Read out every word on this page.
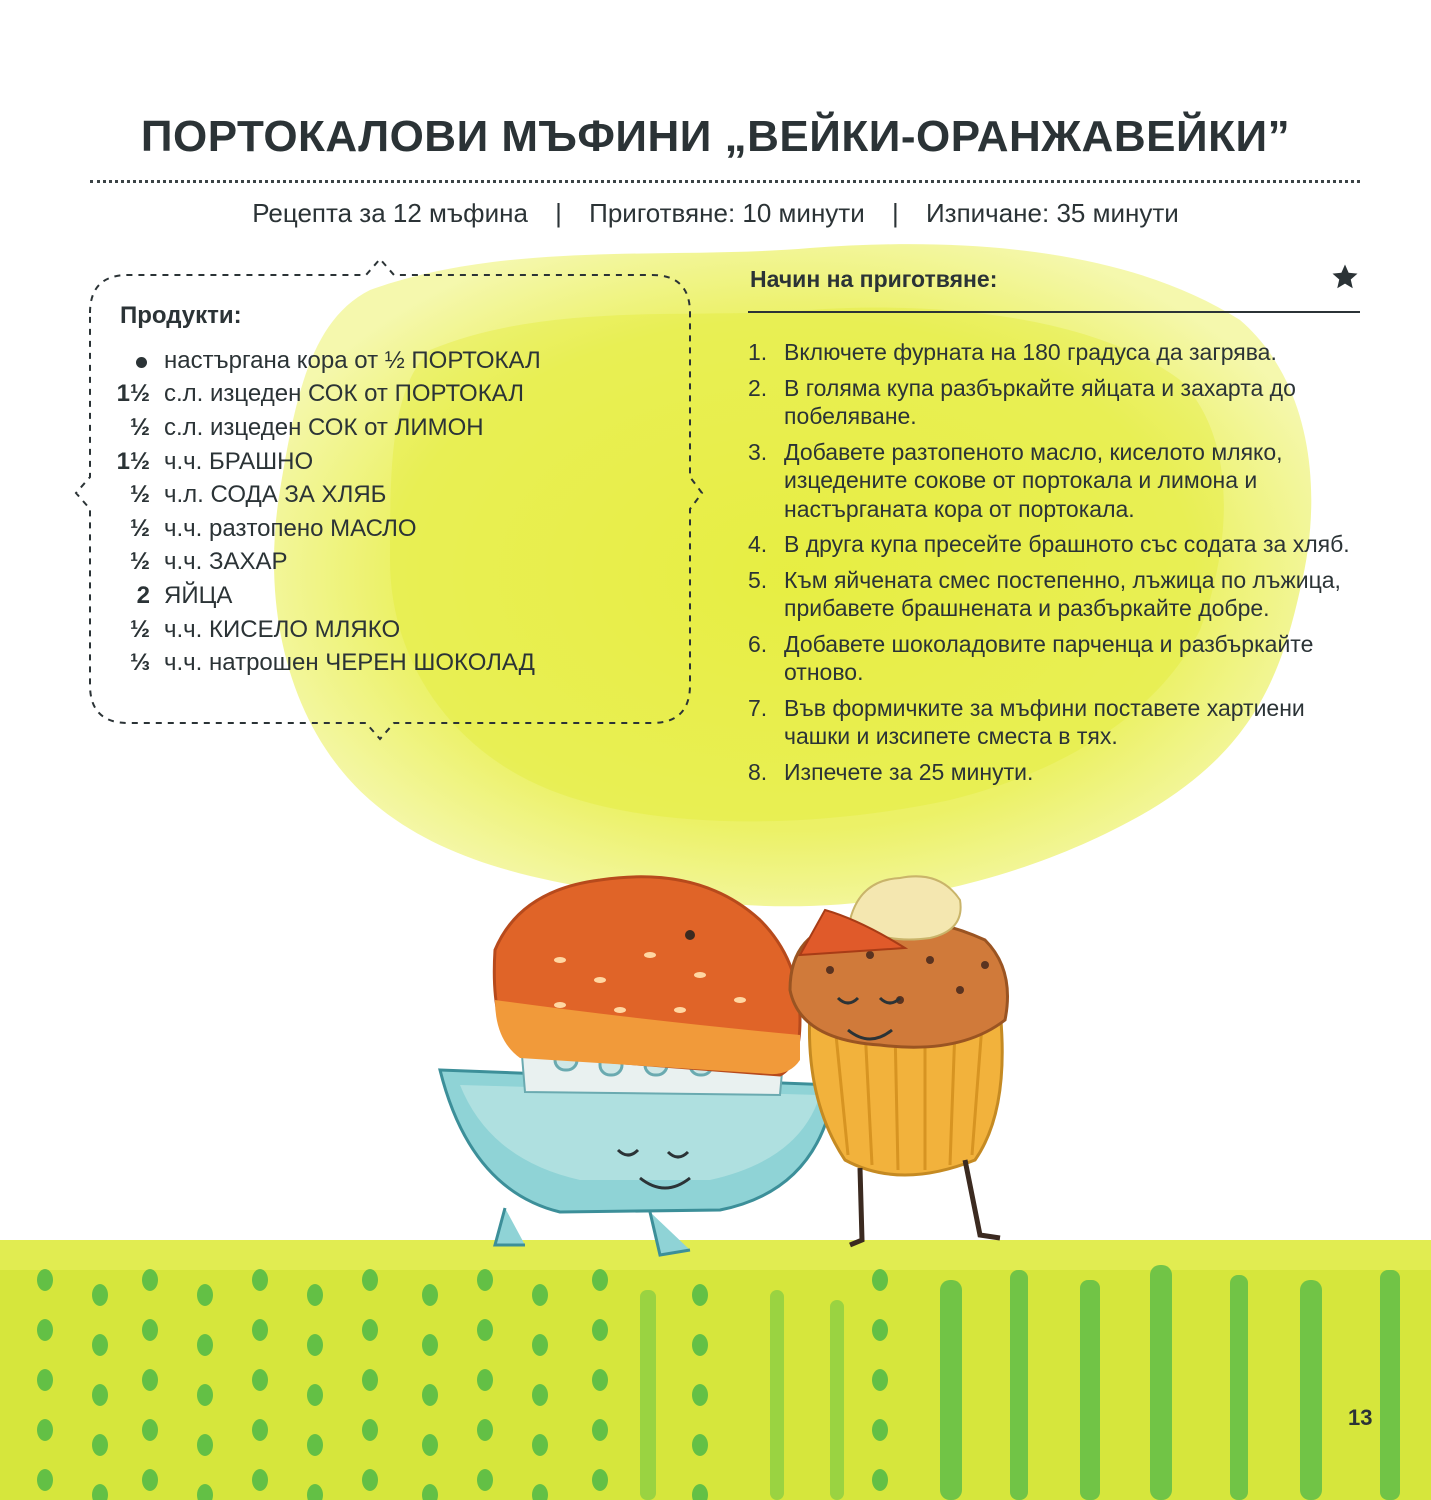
ПОРТОКАЛОВИ МЪФИНИ „ВЕЙКИ-ОРАНЖАВЕЙКИ”
Рецепта за 12 мъфина | Приготвяне: 10 минути | Изпичане: 35 минути
Продукти:
настъргана кора от ½ ПОРТОКАЛ
1½ с.л. изцеден СОК от ПОРТОКАЛ
½ с.л. изцеден СОК от ЛИМОН
1½ ч.ч. БРАШНО
½ ч.л. СОДА ЗА ХЛЯБ
½ ч.ч. разтопено МАСЛО
½ ч.ч. ЗАХАР
2 ЯЙЦА
½ ч.ч. КИСЕЛО МЛЯКО
⅓ ч.ч. натрошен ЧЕРЕН ШОКОЛАД
Начин на приготвяне:
1. Включете фурната на 180 градуса да загрява.
2. В голяма купа разбъркайте яйцата и захарта до побеляване.
3. Добавете разтопеното масло, киселото мляко, изцедените сокове от портокала и лимона и настърганата кора от портокала.
4. В друга купа пресейте брашното със содата за хляб.
5. Към яйчената смес постепенно, лъжица по лъжица, прибавете брашнената и разбъркайте добре.
6. Добавете шоколадовите парченца и разбъркайте отново.
7. Във формичките за мъфини поставете хартиени чашки и изсипете сместа в тях.
8. Изпечете за 25 минути.
13
